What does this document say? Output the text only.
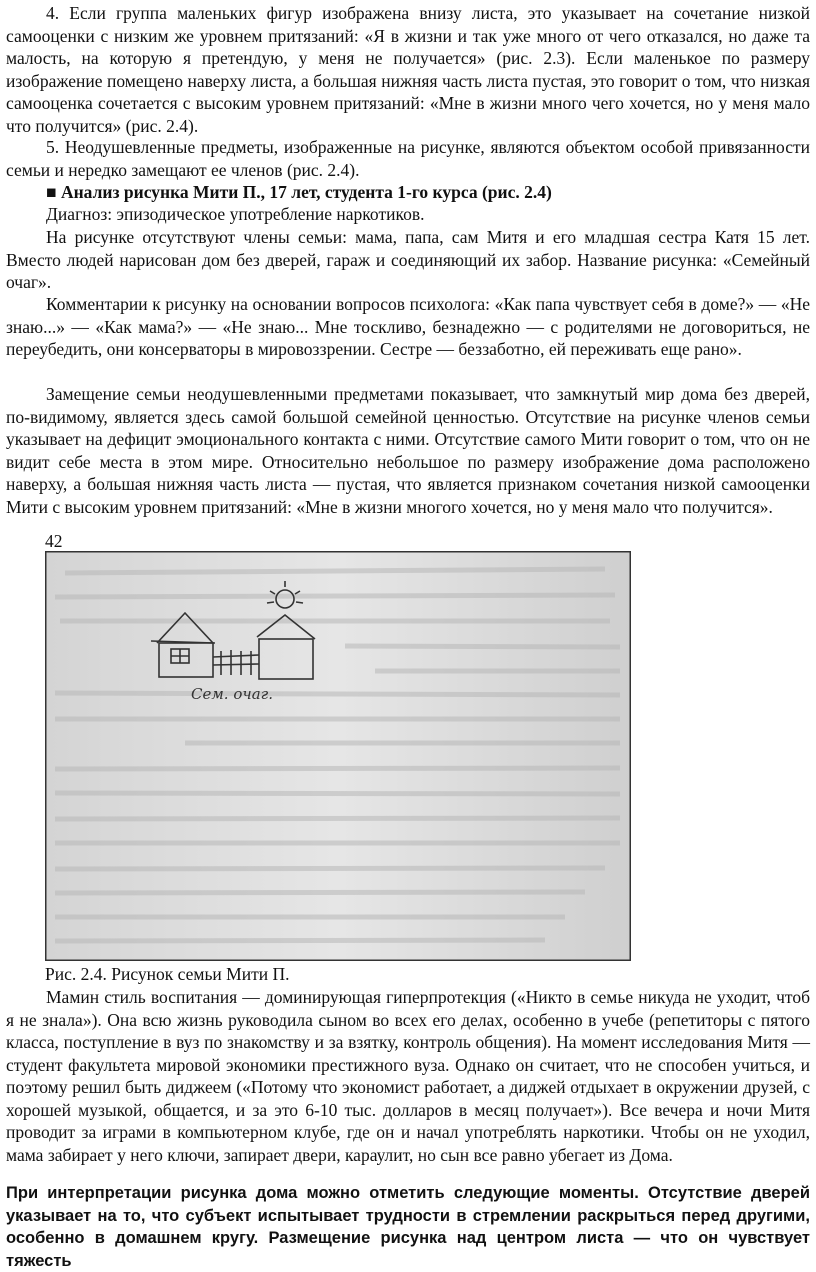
4. Если группа маленьких фигур изображена внизу листа, это указывает на сочетание низкой самооценки с низким же уровнем притязаний: «Я в жизни и так уже много от чего отказался, но даже та малость, на которую я претендую, у меня не получается» (рис. 2.3). Если маленькое по размеру изображение помещено наверху листа, а большая нижняя часть листа пустая, это говорит о том, что низкая самооценка сочетается с высоким уровнем притязаний: «Мне в жизни много чего хочется, но у меня мало что получится» (рис. 2.4).

5. Неодушевленные предметы, изображенные на рисунке, являются объектом особой привязанности семьи и нередко замещают ее членов (рис. 2.4).

■ Анализ рисунка Мити П., 17 лет, студента 1-го курса (рис. 2.4)

Диагноз: эпизодическое употребление наркотиков.

На рисунке отсутствуют члены семьи: мама, папа, сам Митя и его младшая сестра Катя 15 лет. Вместо людей нарисован дом без дверей, гараж и соединяющий их забор. Название рисунка: «Семейный очаг».

Комментарии к рисунку на основании вопросов психолога: «Как папа чувствует себя в доме?» — «Не знаю...» — «Как мама?» — «Не знаю... Мне тоскливо, безнадежно — с родителями не договориться, не переубедить, они консерваторы в мировоззрении. Сестре — беззаботно, ей переживать еще рано».

Замещение семьи неодушевленными предметами показывает, что замкнутый мир дома без дверей, по-видимому, является здесь самой большой семейной ценностью. Отсутствие на рисунке членов семьи указывает на дефицит эмоционального контакта с ними. Отсутствие самого Мити говорит о том, что он не видит себе места в этом мире. Относительно небольшое по размеру изображение дома расположено наверху, а большая нижняя часть листа — пустая, что является признаком сочетания низкой самооценки Мити с высоким уровнем притязаний: «Мне в жизни многого хочется, но у меня мало что получится».

42
Сем. очаг.
Рис. 2.4. Рисунок семьи Мити П.

Мамин стиль воспитания — доминирующая гиперпротекция («Никто в семье никуда не уходит, чтоб я не знала»). Она всю жизнь руководила сыном во всех его делах, особенно в учебе (репетиторы с пятого класса, поступление в вуз по знакомству и за взятку, контроль общения). На момент исследования Митя — студент факультета мировой экономики престижного вуза. Однако он считает, что не способен учиться, и поэтому решил быть диджеем («Потому что экономист работает, а диджей отдыхает в окружении друзей, с хорошей музыкой, общается, и за это 6-10 тыс. долларов в месяц получает»). Все вечера и ночи Митя проводит за играми в компьютерном клубе, где он и начал употреблять наркотики. Чтобы он не уходил, мама забирает у него ключи, запирает двери, караулит, но сын все равно убегает из Дома.

При интерпретации рисунка дома можно отметить следующие моменты. Отсутствие дверей указывает на то, что субъект испытывает трудности в стремлении раскрыться перед другими, особенно в домашнем кругу. Размещение рисунка над центром листа — что он чувствует тяжесть
